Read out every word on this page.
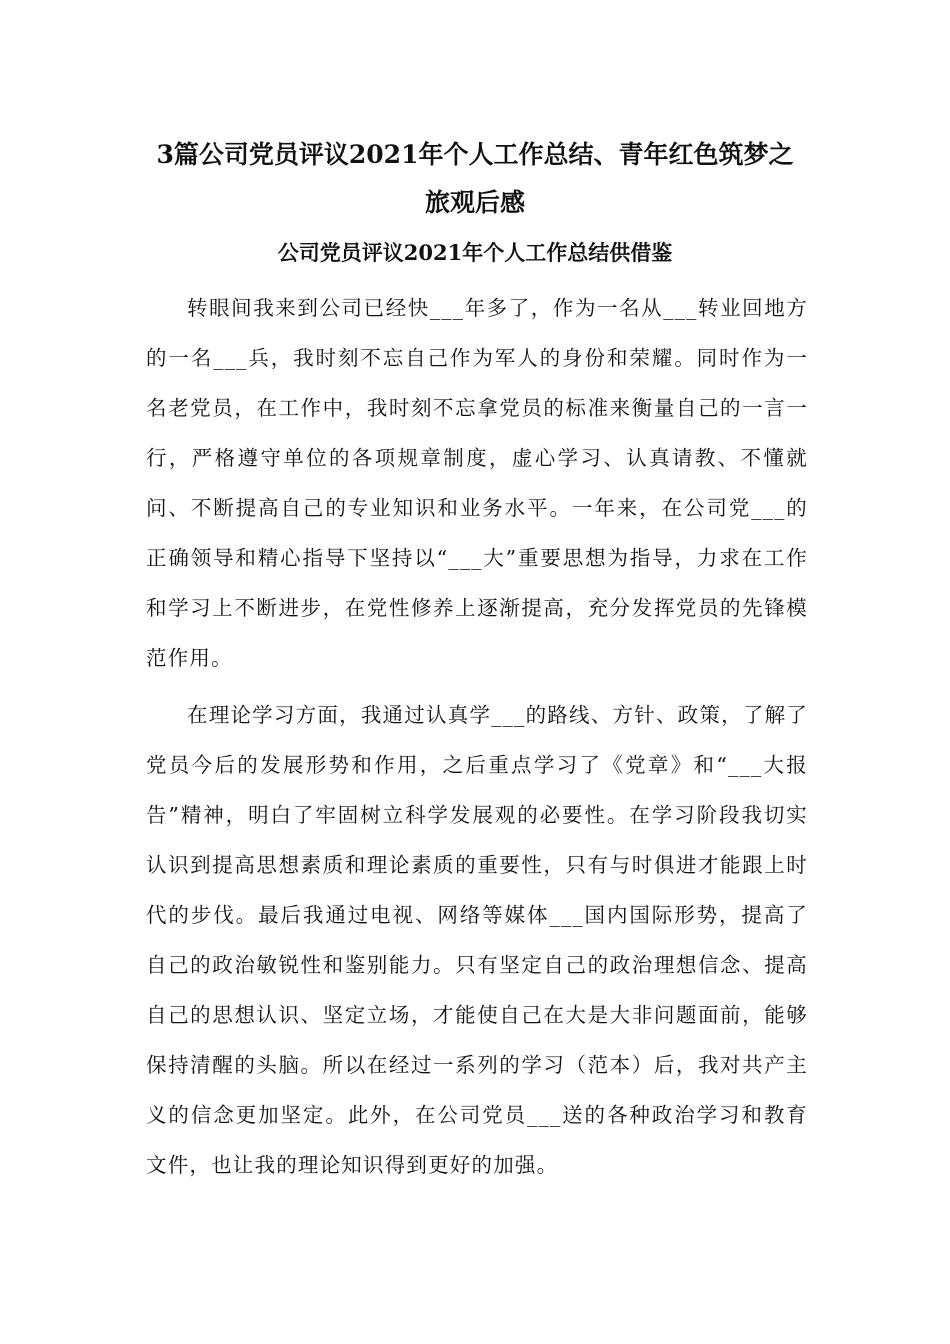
3篇公司党员评议2021年个人工作总结、青年红色筑梦之
旅观后感
公司党员评议2021年个人工作总结供借鉴

转眼间我来到公司已经快___年多了，作为一名从___转业回地方的一名___兵，我时刻不忘自己作为军人的身份和荣耀。同时作为一名老党员，在工作中，我时刻不忘拿党员的标准来衡量自己的一言一行，严格遵守单位的各项规章制度，虚心学习、认真请教、不懂就问、不断提高自己的专业知识和业务水平。一年来，在公司党___的正确领导和精心指导下坚持以“___大”重要思想为指导，力求在工作和学习上不断进步，在党性修养上逐渐提高，充分发挥党员的先锋模范作用。

在理论学习方面，我通过认真学___的路线、方针、政策，了解了党员今后的发展形势和作用，之后重点学习了《党章》和“___大报告”精神，明白了牢固树立科学发展观的必要性。在学习阶段我切实认识到提高思想素质和理论素质的重要性，只有与时俱进才能跟上时代的步伐。最后我通过电视、网络等媒体___国内国际形势，提高了自己的政治敏锐性和鉴别能力。只有坚定自己的政治理想信念、提高自己的思想认识、坚定立场，才能使自己在大是大非问题面前，能够保持清醒的头脑。所以在经过一系列的学习（范本）后，我对共产主义的信念更加坚定。此外，在公司党员___送的各种政治学习和教育文件，也让我的理论知识得到更好的加强。
